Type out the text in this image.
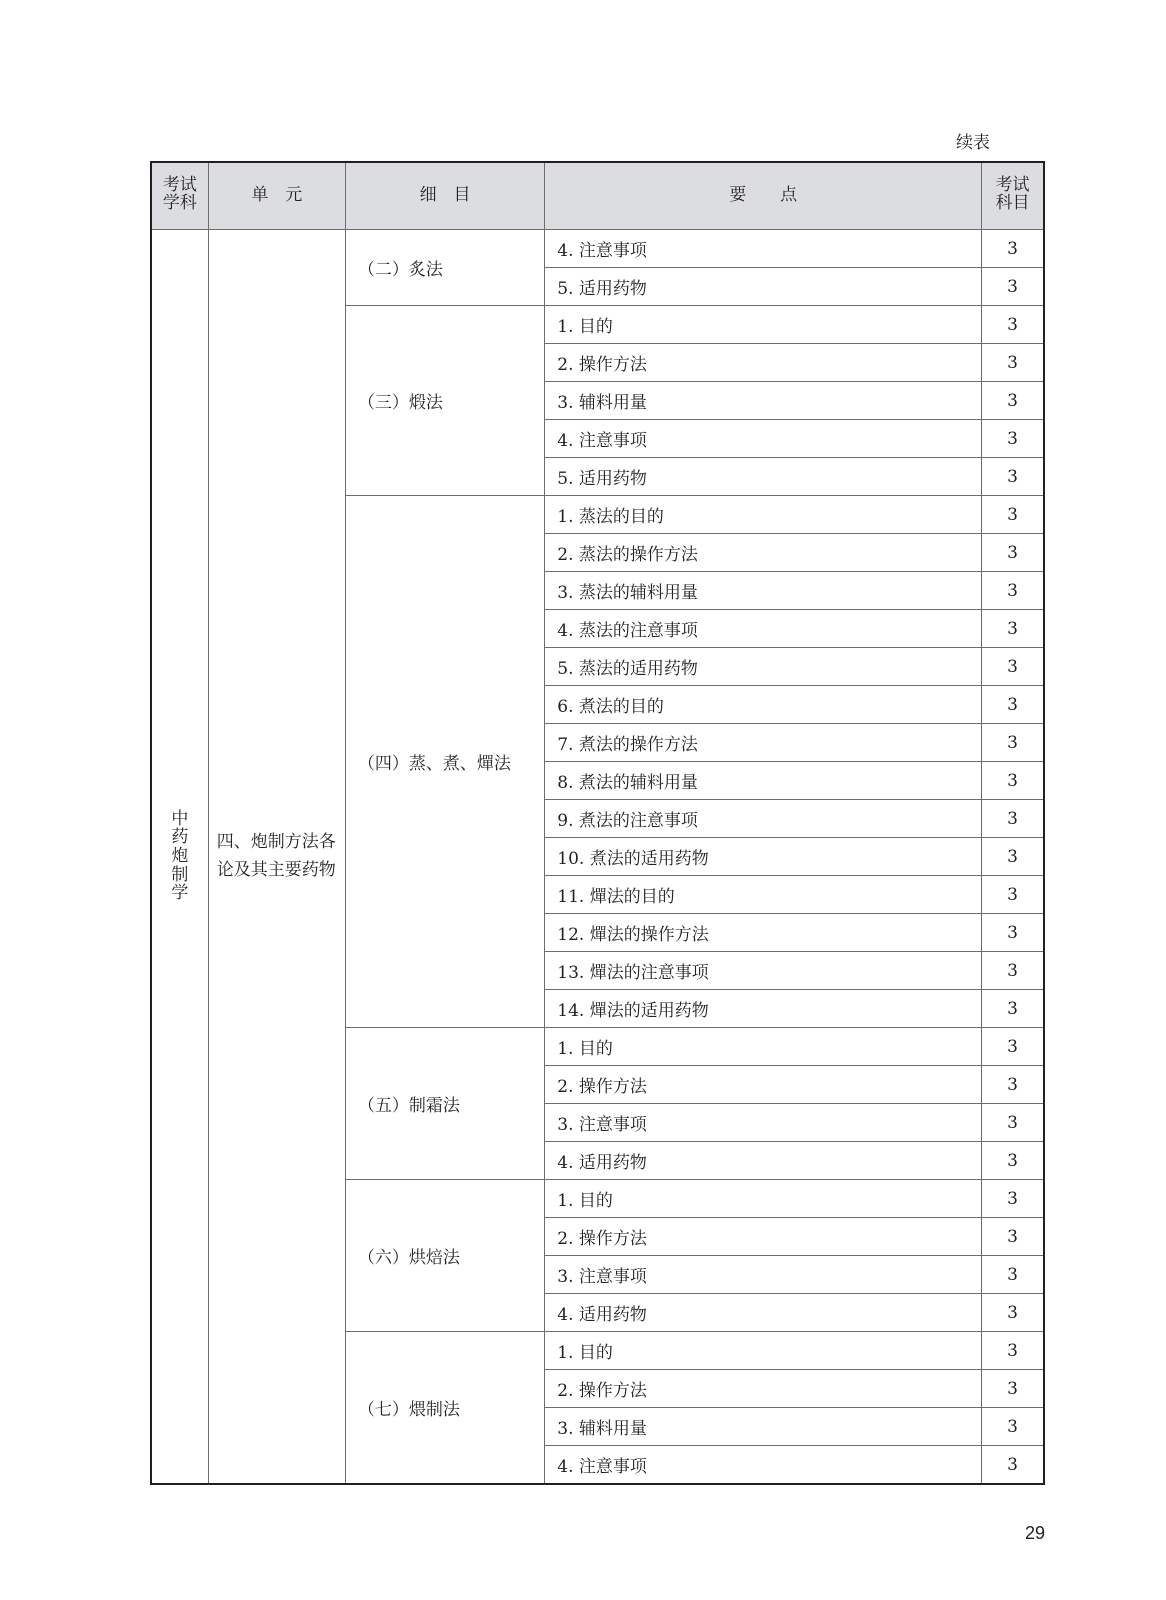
续表
考试学科	单　元	细　目	要　　点	考试科目
中药炮制学	四、炮制方法各论及其主要药物	（二）炙法	4. 注意事项	3
			5. 适用药物	3
		（三）煅法	1. 目的	3
			2. 操作方法	3
			3. 辅料用量	3
			4. 注意事项	3
			5. 适用药物	3
		（四）蒸、煮、燀法	1. 蒸法的目的	3
			2. 蒸法的操作方法	3
			3. 蒸法的辅料用量	3
			4. 蒸法的注意事项	3
			5. 蒸法的适用药物	3
			6. 煮法的目的	3
			7. 煮法的操作方法	3
			8. 煮法的辅料用量	3
			9. 煮法的注意事项	3
			10. 煮法的适用药物	3
			11. 燀法的目的	3
			12. 燀法的操作方法	3
			13. 燀法的注意事项	3
			14. 燀法的适用药物	3
		（五）制霜法	1. 目的	3
			2. 操作方法	3
			3. 注意事项	3
			4. 适用药物	3
		（六）烘焙法	1. 目的	3
			2. 操作方法	3
			3. 注意事项	3
			4. 适用药物	3
		（七）煨制法	1. 目的	3
			2. 操作方法	3
			3. 辅料用量	3
			4. 注意事项	3
29
